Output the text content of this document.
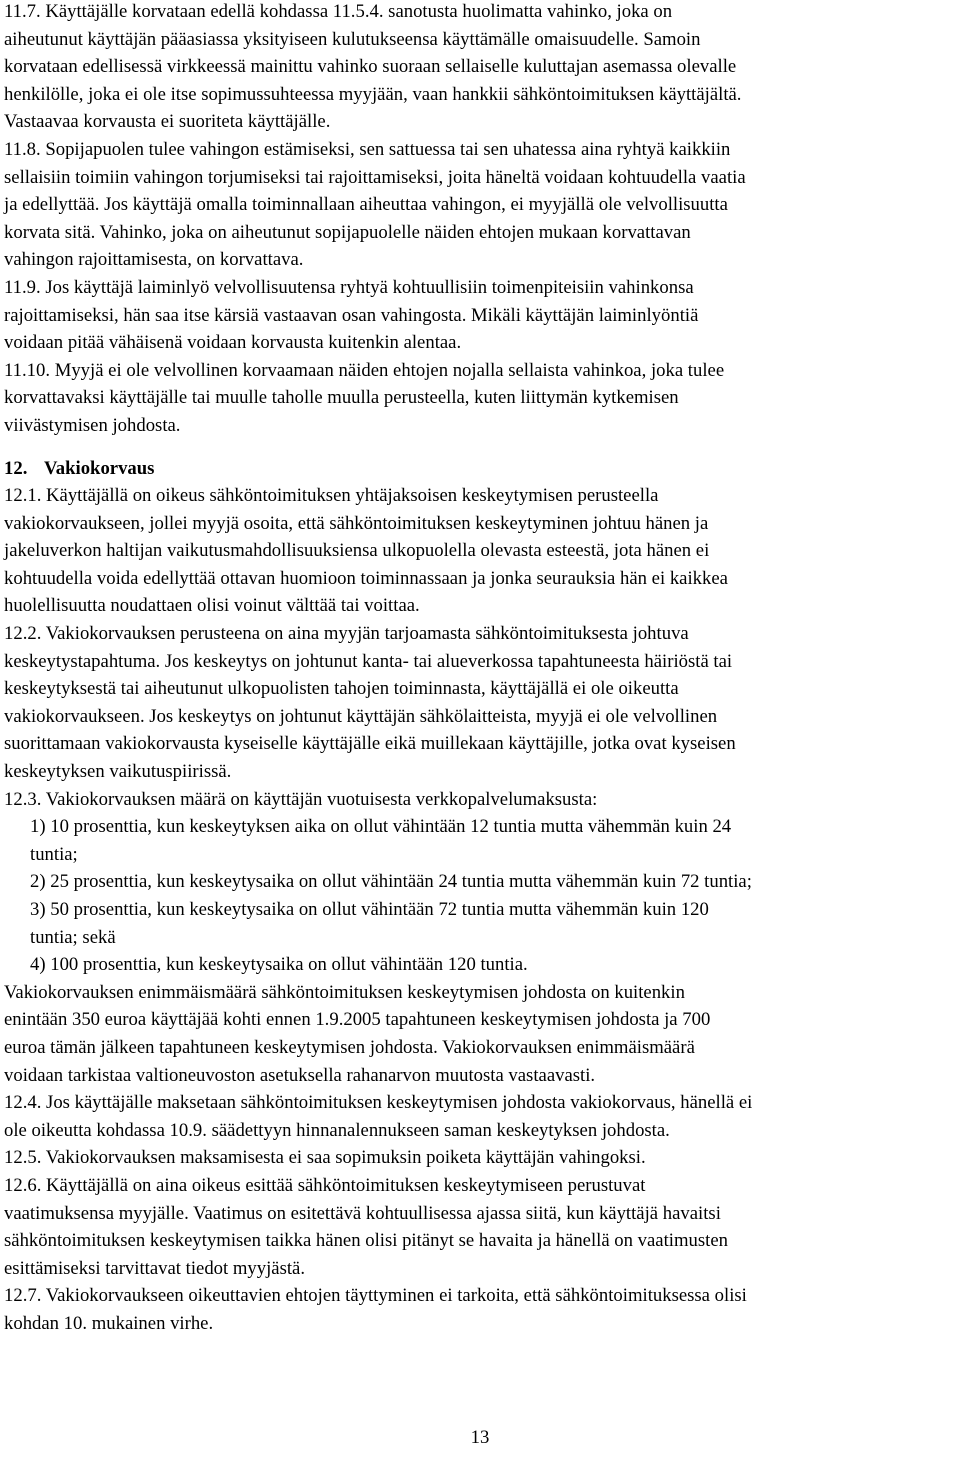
11.7. Käyttäjälle korvataan edellä kohdassa 11.5.4. sanotusta huolimatta vahinko, joka on
aiheutunut käyttäjän pääasiassa yksityiseen kulutukseensa käyttämälle omaisuudelle. Samoin
korvataan edellisessä virkkeessä mainittu vahinko suoraan sellaiselle kuluttajan asemassa olevalle
henkilölle, joka ei ole itse sopimussuhteessa myyjään, vaan hankkii sähköntoimituksen käyttäjältä.
Vastaavaa korvausta ei suoriteta käyttäjälle.

11.8. Sopijapuolen tulee vahingon estämiseksi, sen sattuessa tai sen uhatessa aina ryhtyä kaikkiin
sellaisiin toimiin vahingon torjumiseksi tai rajoittamiseksi, joita häneltä voidaan kohtuudella vaatia
ja edellyttää. Jos käyttäjä omalla toiminnallaan aiheuttaa vahingon, ei myyjällä ole velvollisuutta
korvata sitä. Vahinko, joka on aiheutunut sopijapuolelle näiden ehtojen mukaan korvattavan
vahingon rajoittamisesta, on korvattava.

11.9. Jos käyttäjä laiminlyö velvollisuutensa ryhtyä kohtuullisiin toimenpiteisiin vahinkonsa
rajoittamiseksi, hän saa itse kärsiä vastaavan osan vahingosta. Mikäli käyttäjän laiminlyöntiä
voidaan pitää vähäisenä voidaan korvausta kuitenkin alentaa.

11.10. Myyjä ei ole velvollinen korvaamaan näiden ehtojen nojalla sellaista vahinkoa, joka tulee
korvattavaksi käyttäjälle tai muulle taholle muulla perusteella, kuten liittymän kytkemisen
viivästymisen johdosta.

12. Vakiokorvaus

12.1. Käyttäjällä on oikeus sähköntoimituksen yhtäjaksoisen keskeytymisen perusteella
vakiokorvaukseen, jollei myyjä osoita, että sähköntoimituksen keskeytyminen johtuu hänen ja
jakeluverkon haltijan vaikutusmahdollisuuksiensa ulkopuolella olevasta esteestä, jota hänen ei
kohtuudella voida edellyttää ottavan huomioon toiminnassaan ja jonka seurauksia hän ei kaikkea
huolellisuutta noudattaen olisi voinut välttää tai voittaa.

12.2. Vakiokorvauksen perusteena on aina myyjän tarjoamasta sähköntoimituksesta johtuva
keskeytystapahtuma. Jos keskeytys on johtunut kanta- tai alueverkossa tapahtuneesta häiriöstä tai
keskeytyksestä tai aiheutunut ulkopuolisten tahojen toiminnasta, käyttäjällä ei ole oikeutta
vakiokorvaukseen. Jos keskeytys on johtunut käyttäjän sähkölaitteista, myyjä ei ole velvollinen
suorittamaan vakiokorvausta kyseiselle käyttäjälle eikä muillekaan käyttäjille, jotka ovat kyseisen
keskeytyksen vaikutuspiirissä.

12.3. Vakiokorvauksen määrä on käyttäjän vuotuisesta verkkopalvelumaksusta:

1) 10 prosenttia, kun keskeytyksen aika on ollut vähintään 12 tuntia mutta vähemmän kuin 24
tuntia;

2) 25 prosenttia, kun keskeytysaika on ollut vähintään 24 tuntia mutta vähemmän kuin 72 tuntia;

3) 50 prosenttia, kun keskeytysaika on ollut vähintään 72 tuntia mutta vähemmän kuin 120
tuntia; sekä

4) 100 prosenttia, kun keskeytysaika on ollut vähintään 120 tuntia.

Vakiokorvauksen enimmäismäärä sähköntoimituksen keskeytymisen johdosta on kuitenkin
enintään 350 euroa käyttäjää kohti ennen 1.9.2005 tapahtuneen keskeytymisen johdosta ja 700
euroa tämän jälkeen tapahtuneen keskeytymisen johdosta. Vakiokorvauksen enimmäismäärä
voidaan tarkistaa valtioneuvoston asetuksella rahanarvon muutosta vastaavasti.

12.4. Jos käyttäjälle maksetaan sähköntoimituksen keskeytymisen johdosta vakiokorvaus, hänellä ei
ole oikeutta kohdassa 10.9. säädettyyn hinnanalennukseen saman keskeytyksen johdosta.

12.5. Vakiokorvauksen maksamisesta ei saa sopimuksin poiketa käyttäjän vahingoksi.

12.6. Käyttäjällä on aina oikeus esittää sähköntoimituksen keskeytymiseen perustuvat
vaatimuksensa myyjälle. Vaatimus on esitettävä kohtuullisessa ajassa siitä, kun käyttäjä havaitsi
sähköntoimituksen keskeytymisen taikka hänen olisi pitänyt se havaita ja hänellä on vaatimusten
esittämiseksi tarvittavat tiedot myyjästä.

12.7. Vakiokorvaukseen oikeuttavien ehtojen täyttyminen ei tarkoita, että sähköntoimituksessa olisi
kohdan 10. mukainen virhe.

13
